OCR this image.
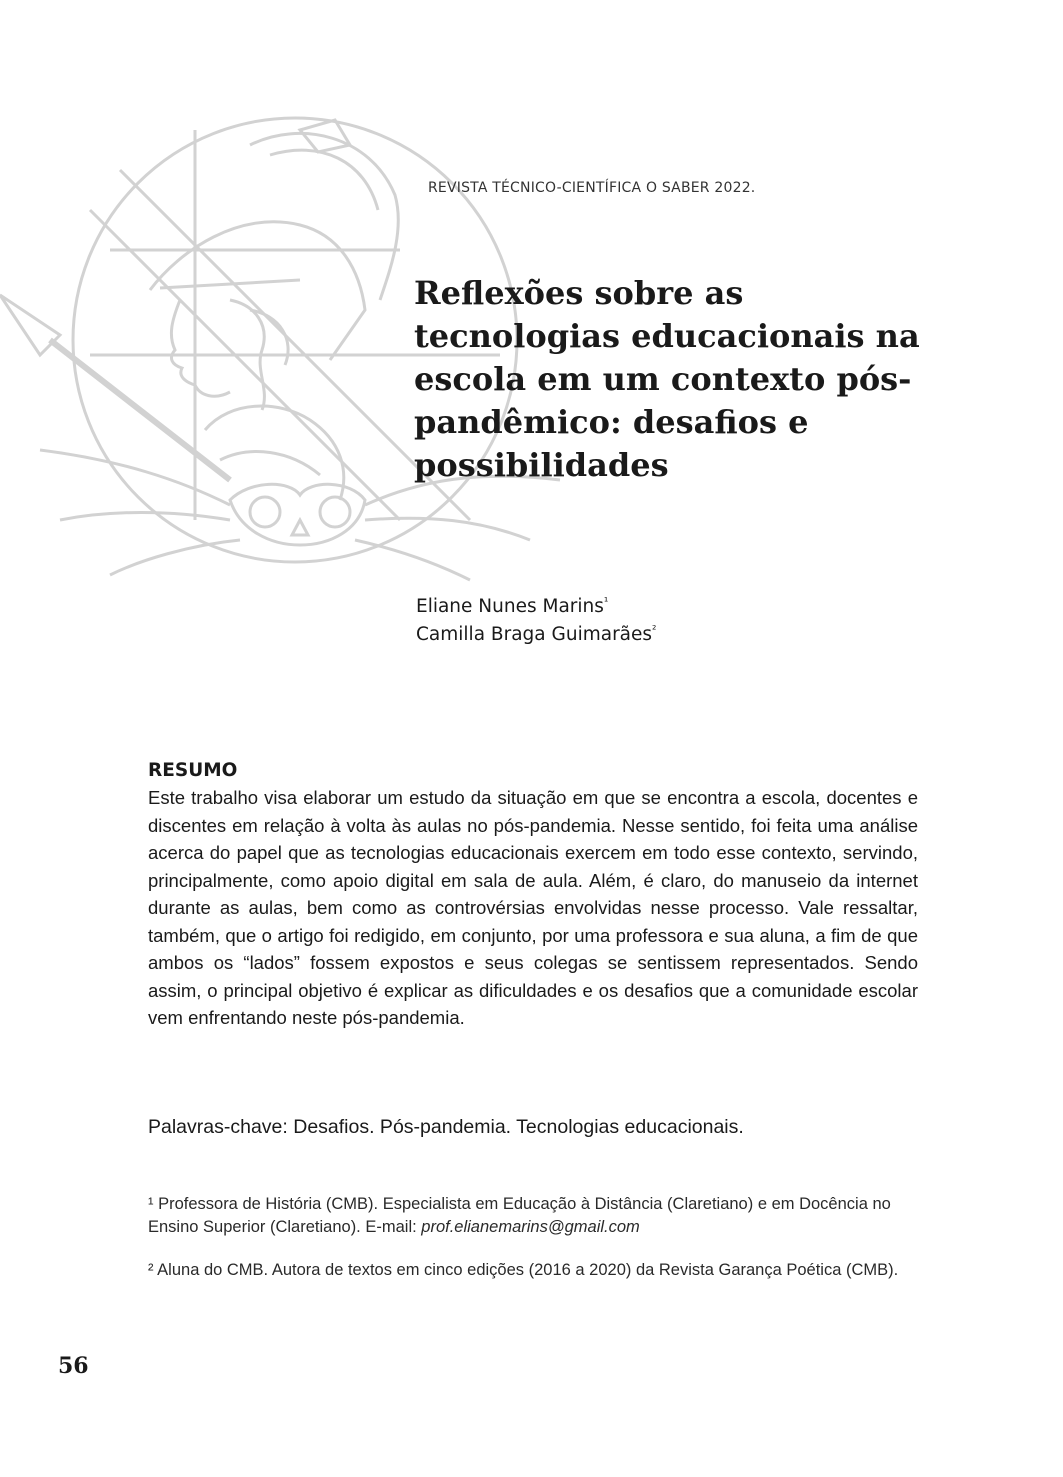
REVISTA TÉCNICO-CIENTÍFICA O SABER 2022.
Reflexões sobre as tecnologias educacionais na escola em um contexto pós-pandêmico: desafios e possibilidades
Eliane Nunes Marins$^{^1}$
Camilla Braga Guimarães$^{^2}$

RESUMO

Este trabalho visa elaborar um estudo da situação em que se encontra a escola, docentes e discentes em relação à volta às aulas no pós-pandemia. Nesse sentido, foi feita uma análise acerca do papel que as tecnologias educacionais exercem em todo esse contexto, servindo, principalmente, como apoio digital em sala de aula. Além, é claro, do manuseio da internet durante as aulas, bem como as controvérsias envolvidas nesse processo. Vale ressaltar, também, que o artigo foi redigido, em conjunto, por uma professora e sua aluna, a fim de que ambos os “lados” fossem expostos e seus colegas se sentissem representados. Sendo assim, o principal objetivo é explicar as dificuldades e os desafios que a comunidade escolar vem enfrentando neste pós-pandemia.

Palavras-chave: Desafios. Pós-pandemia. Tecnologias educacionais.

¹ Professora de História (CMB). Especialista em Educação à Distância (Claretiano) e em Docência no Ensino Superior (Claretiano). E-mail: prof.elianemarins@gmail.com

² Aluna do CMB. Autora de textos em cinco edições (2016 a 2020) da Revista Garança Poética (CMB).

56
